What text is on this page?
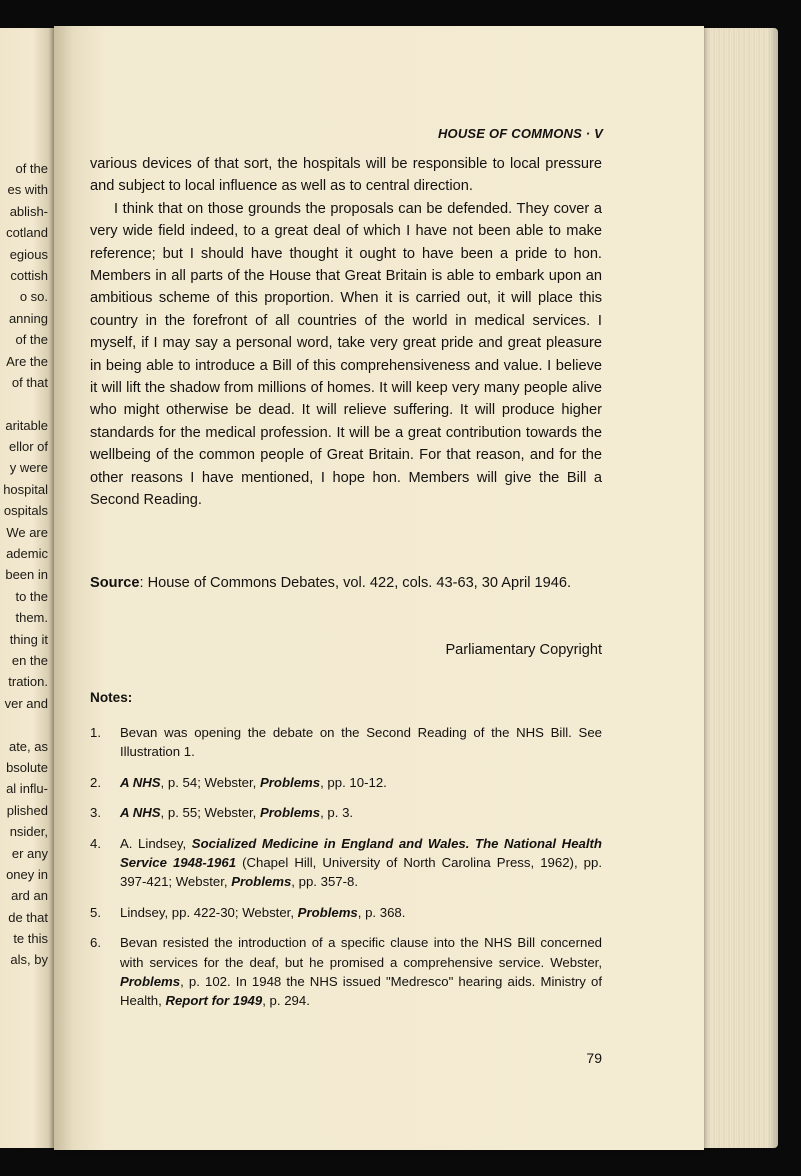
of the
es with
ablish-
cotland
egious
cottish
o so.
anning
of the
Are the
of that
aritable
ellor of
y were
hospital
ospitals
We are
ademic
been in
to the
them.
thing it
en the
tration.
ver and
ate, as
bsolute
al influ-
plished
nsider,
er any
oney in
ard an
de that
te this
als, by
HOUSE OF COMMONS · V

various devices of that sort, the hospitals will be responsible to local pressure and subject to local influence as well as to central direction.

I think that on those grounds the proposals can be defended. They cover a very wide field indeed, to a great deal of which I have not been able to make reference; but I should have thought it ought to have been a pride to hon. Members in all parts of the House that Great Britain is able to embark upon an ambitious scheme of this proportion. When it is carried out, it will place this country in the forefront of all countries of the world in medical services. I myself, if I may say a personal word, take very great pride and great pleasure in being able to introduce a Bill of this comprehensiveness and value. I believe it will lift the shadow from millions of homes. It will keep very many people alive who might otherwise be dead. It will relieve suffering. It will produce higher standards for the medical profession. It will be a great contribution towards the wellbeing of the common people of Great Britain. For that reason, and for the other reasons I have mentioned, I hope hon. Members will give the Bill a Second Reading.

Source: House of Commons Debates, vol. 422, cols. 43-63, 30 April 1946.
Parliamentary Copyright
Notes:
1. Bevan was opening the debate on the Second Reading of the NHS Bill. See Illustration 1.
2. A NHS, p. 54; Webster, Problems, pp. 10-12.
3. A NHS, p. 55; Webster, Problems, p. 3.
4. A. Lindsey, Socialized Medicine in England and Wales. The National Health Service 1948-1961 (Chapel Hill, University of North Carolina Press, 1962), pp. 397-421; Webster, Problems, pp. 357-8.
5. Lindsey, pp. 422-30; Webster, Problems, p. 368.
6. Bevan resisted the introduction of a specific clause into the NHS Bill concerned with services for the deaf, but he promised a comprehensive service. Webster, Problems, p. 102. In 1948 the NHS issued "Medresco" hearing aids. Ministry of Health, Report for 1949, p. 294.
79
